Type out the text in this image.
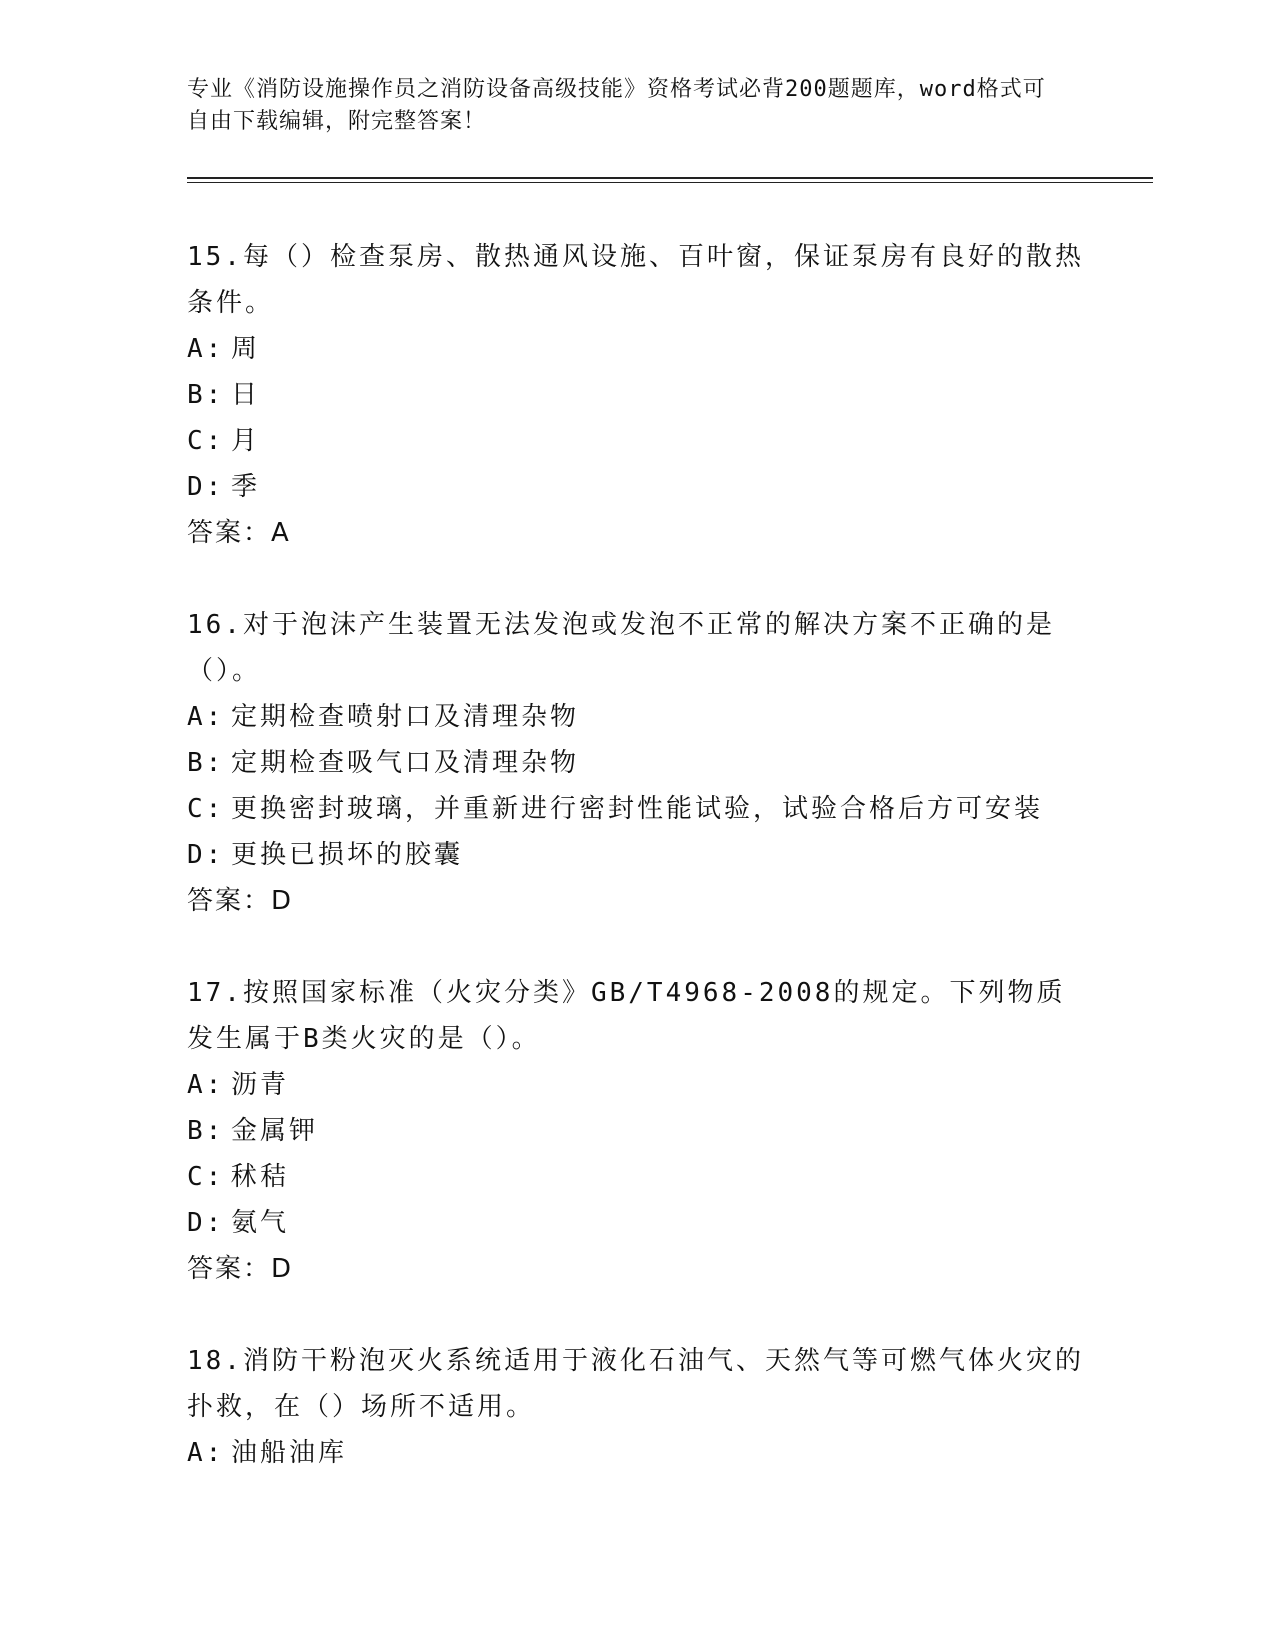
专业《消防设施操作员之消防设备高级技能》资格考试必背200题题库，word格式可自由下载编辑，附完整答案！
15.每（）检查泵房、散热通风设施、百叶窗，保证泵房有良好的散热条件。
A: 周
B: 日
C: 月
D: 季
答案：A
16.对于泡沫产生装置无法发泡或发泡不正常的解决方案不正确的是（）。
A: 定期检查喷射口及清理杂物
B: 定期检查吸气口及清理杂物
C: 更换密封玻璃，并重新进行密封性能试验，试验合格后方可安装
D: 更换已损坏的胶囊
答案：D
17.按照国家标准（火灾分类》GB/T4968-2008的规定。下列物质发生属于B类火灾的是（）。
A: 沥青
B: 金属钾
C: 秫秸
D: 氨气
答案：D
18.消防干粉泡灭火系统适用于液化石油气、天然气等可燃气体火灾的扑救，在（）场所不适用。
A: 油船油库
